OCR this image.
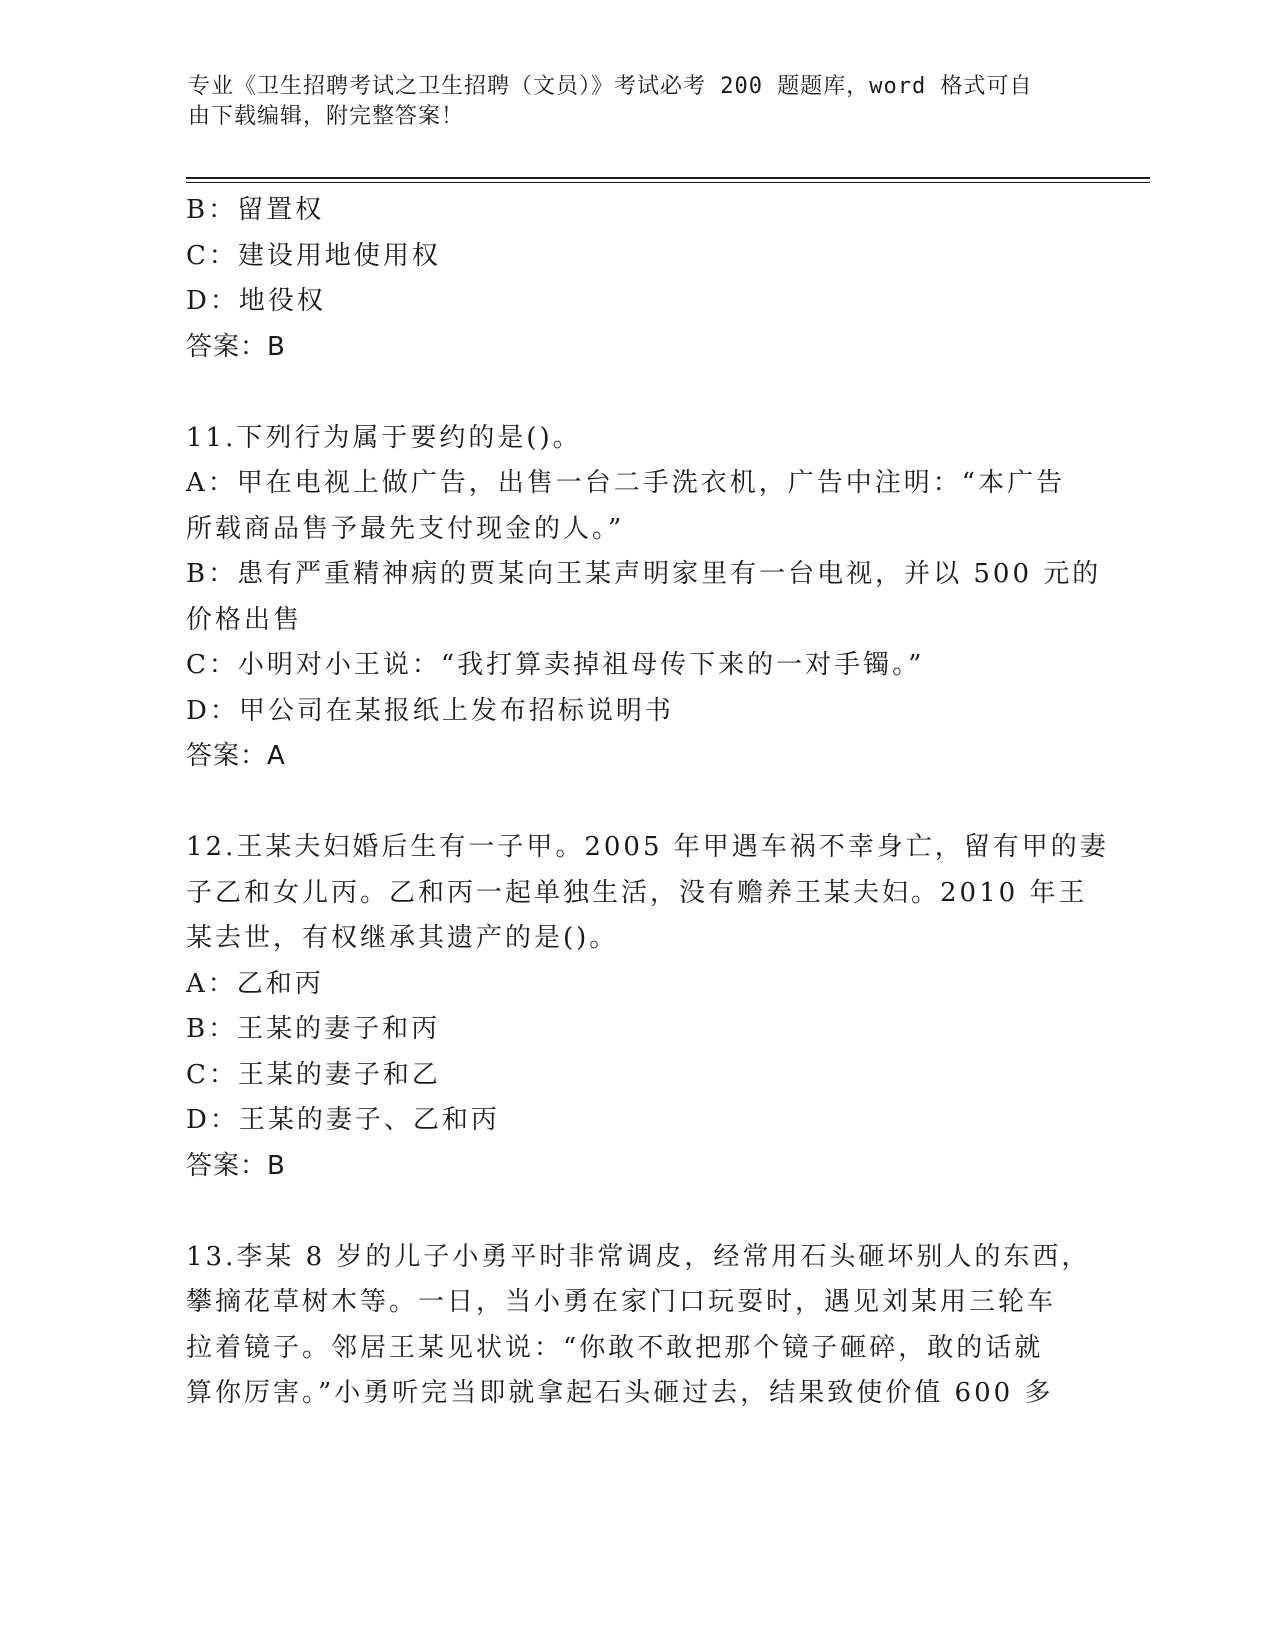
专业《卫生招聘考试之卫生招聘（文员）》考试必考 200 题题库，word 格式可自
由下载编辑，附完整答案！
B：留置权
C：建设用地使用权
D：地役权
答案：B
11.下列行为属于要约的是()。
A：甲在电视上做广告，出售一台二手洗衣机，广告中注明：“本广告
所载商品售予最先支付现金的人。”
B：患有严重精神病的贾某向王某声明家里有一台电视，并以 500 元的
价格出售
C：小明对小王说：“我打算卖掉祖母传下来的一对手镯。”
D：甲公司在某报纸上发布招标说明书
答案：A
12.王某夫妇婚后生有一子甲。2005 年甲遇车祸不幸身亡，留有甲的妻
子乙和女儿丙。乙和丙一起单独生活，没有赡养王某夫妇。2010 年王
某去世，有权继承其遗产的是()。
A：乙和丙
B：王某的妻子和丙
C：王某的妻子和乙
D：王某的妻子、乙和丙
答案：B
13.李某 8 岁的儿子小勇平时非常调皮，经常用石头砸坏别人的东西，
攀摘花草树木等。一日，当小勇在家门口玩耍时，遇见刘某用三轮车
拉着镜子。邻居王某见状说：“你敢不敢把那个镜子砸碎，敢的话就
算你厉害。”小勇听完当即就拿起石头砸过去，结果致使价值 600 多
